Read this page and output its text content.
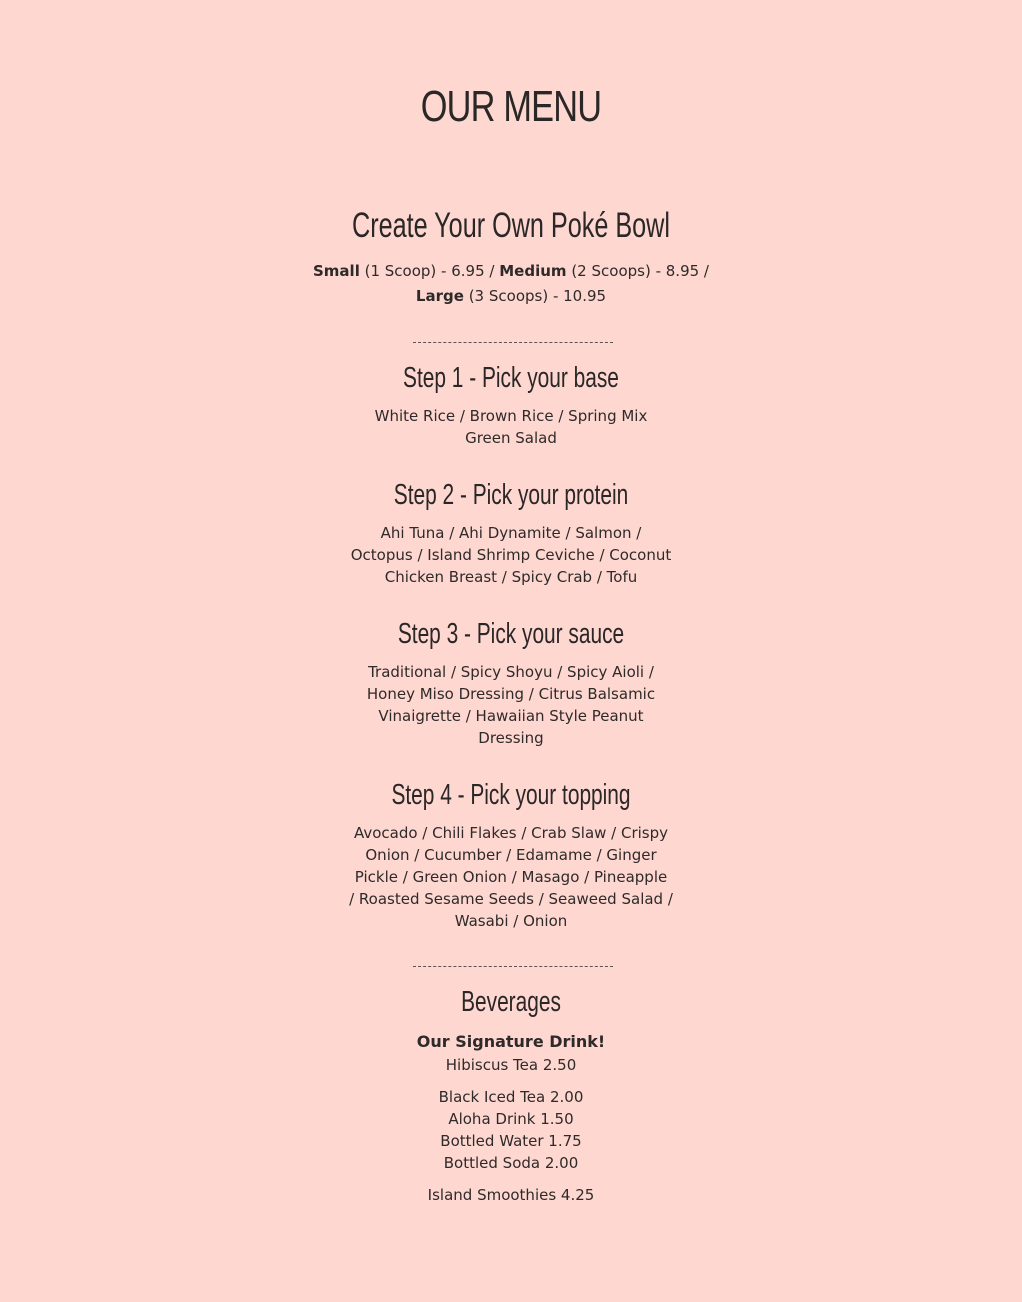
OUR MENU
Create Your Own Poké Bowl
Small (1 Scoop) - 6.95 / Medium (2 Scoops) - 8.95 /
Large (3 Scoops) - 10.95
Step 1 - Pick your base
White Rice / Brown Rice / Spring Mix
Green Salad
Step 2 - Pick your protein
Ahi Tuna / Ahi Dynamite / Salmon /
Octopus / Island Shrimp Ceviche / Coconut
Chicken Breast / Spicy Crab / Tofu
Step 3 - Pick your sauce
Traditional / Spicy Shoyu / Spicy Aioli /
Honey Miso Dressing / Citrus Balsamic
Vinaigrette / Hawaiian Style Peanut
Dressing
Step 4 - Pick your topping
Avocado / Chili Flakes / Crab Slaw / Crispy
Onion / Cucumber / Edamame / Ginger
Pickle / Green Onion / Masago / Pineapple
/ Roasted Sesame Seeds / Seaweed Salad /
Wasabi / Onion
Beverages
Our Signature Drink!
Hibiscus Tea 2.50
Black Iced Tea 2.00
Aloha Drink 1.50
Bottled Water 1.75
Bottled Soda 2.00
Island Smoothies 4.25
